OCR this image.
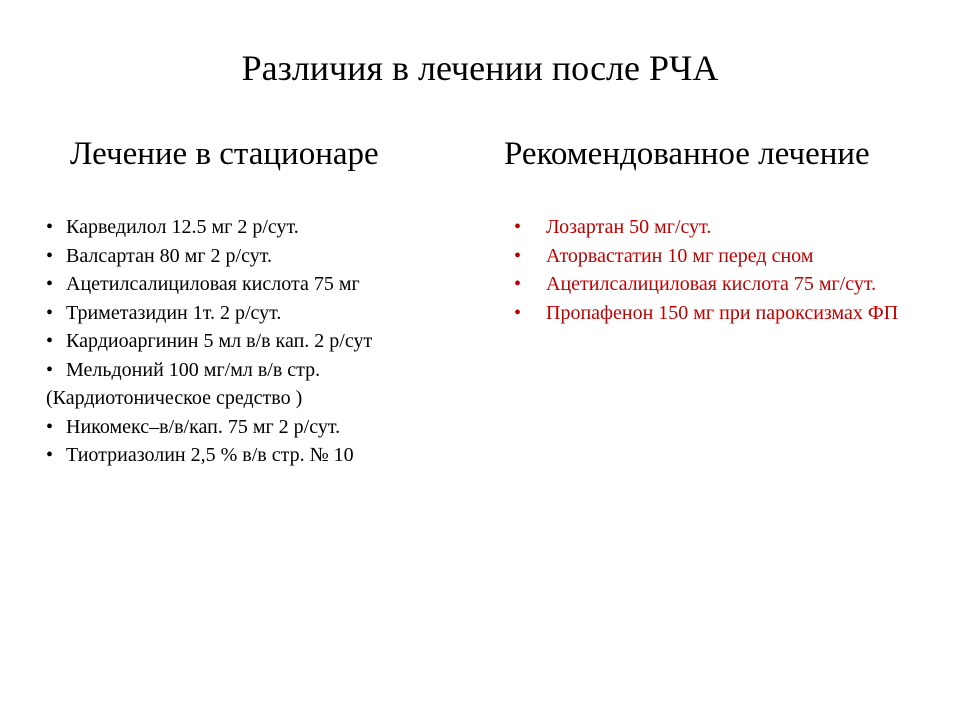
Различия в лечении после РЧА
Лечение в стационаре	Рекомендованное лечение
• Карведилол 12.5 мг 2 р/сут.
• Валсартан 80 мг 2 р/сут.
• Ацетилсалициловая кислота 75 мг
• Триметазидин 1т. 2 р/сут.
• Кардиоаргинин 5 мл в/в кап. 2 р/сут
• Мельдоний 100 мг/мл в/в стр.
(Кардиотоническое средство )
• Никомекс–в/в/кап. 75 мг 2 р/сут.
• Тиотриазолин 2,5 % в/в стр. № 10
• Лозартан 50 мг/сут.
• Аторвастатин 10 мг перед сном
• Ацетилсалициловая кислота 75 мг/сут.
• Пропафенон 150 мг при пароксизмах ФП
